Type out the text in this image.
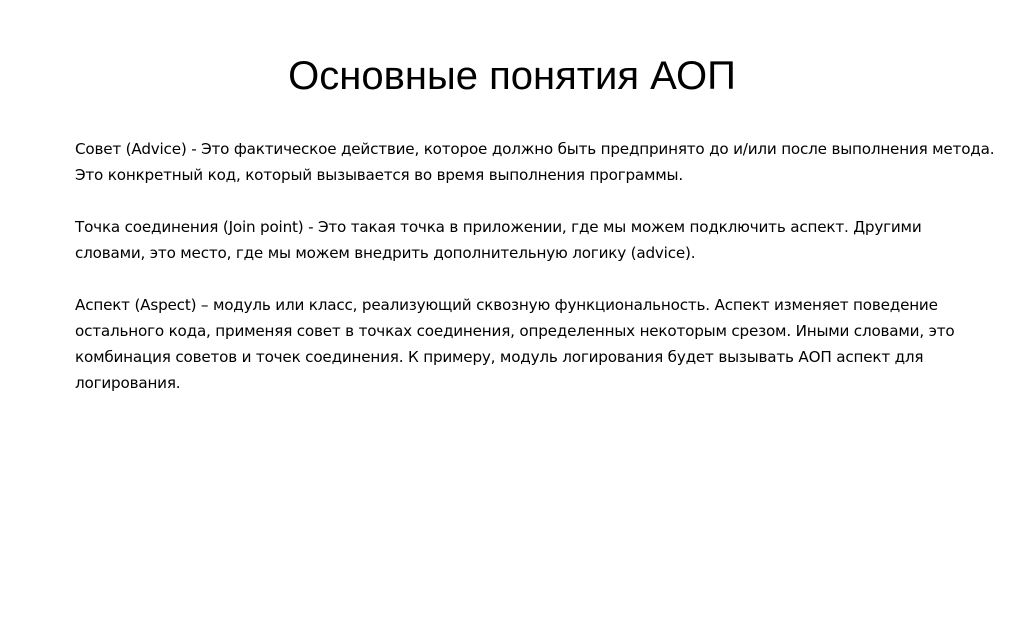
Основные понятия АОП

Совет (Advice) - Это фактическое действие, которое должно быть предпринято до и/или после выполнения метода.
Это конкретный код, который вызывается во время выполнения программы.

Точка соединения (Join point) - Это такая точка в приложении, где мы можем подключить аспект. Другими
словами, это место, где мы можем внедрить дополнительную логику (advice).

Аспект (Aspect) – модуль или класс, реализующий сквозную функциональность. Аспект изменяет поведение
остального кода, применяя совет в точках соединения, определенных некоторым срезом. Иными словами, это
комбинация советов и точек соединения. К примеру, модуль логирования будет вызывать АОП аспект для
логирования.
